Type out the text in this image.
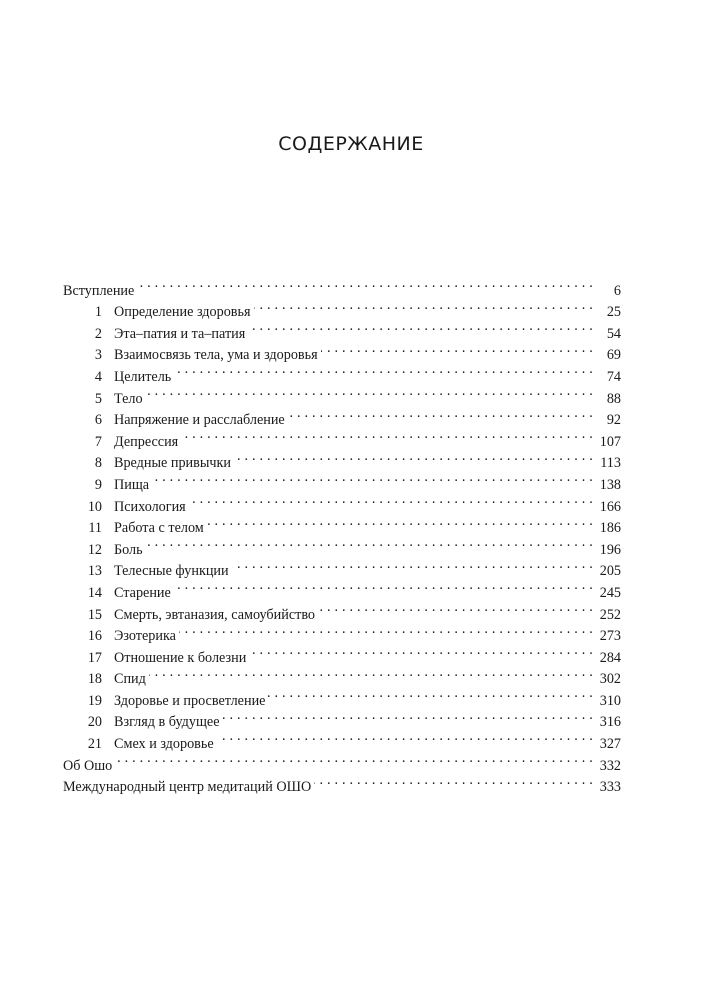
СОДЕРЖАНИЕ
Вступление . . .	6
1 Определение здоровья . . .	25
2 Эта–патия и та–патия . . .	54
3 Взаимосвязь тела, ума и здоровья . . .	69
4 Целитель . . .	74
5 Тело . . .	88
6 Напряжение и расслабление . . .	92
7 Депрессия . . .	107
8 Вредные привычки . . .	113
9 Пища . . .	138
10 Психология . . .	166
11 Работа с телом . . .	186
12 Боль . . .	196
13 Телесные функции . . .	205
14 Старение . . .	245
15 Смерть, эвтаназия, самоубийство . . .	252
16 Эзотерика . . .	273
17 Отношение к болезни . . .	284
18 Спид . . .	302
19 Здоровье и просветление . . .	310
20 Взгляд в будущее . . .	316
21 Смех и здоровье . . .	327
Об Ошо . . .	332
Международный центр медитаций ОШО . . .	333
